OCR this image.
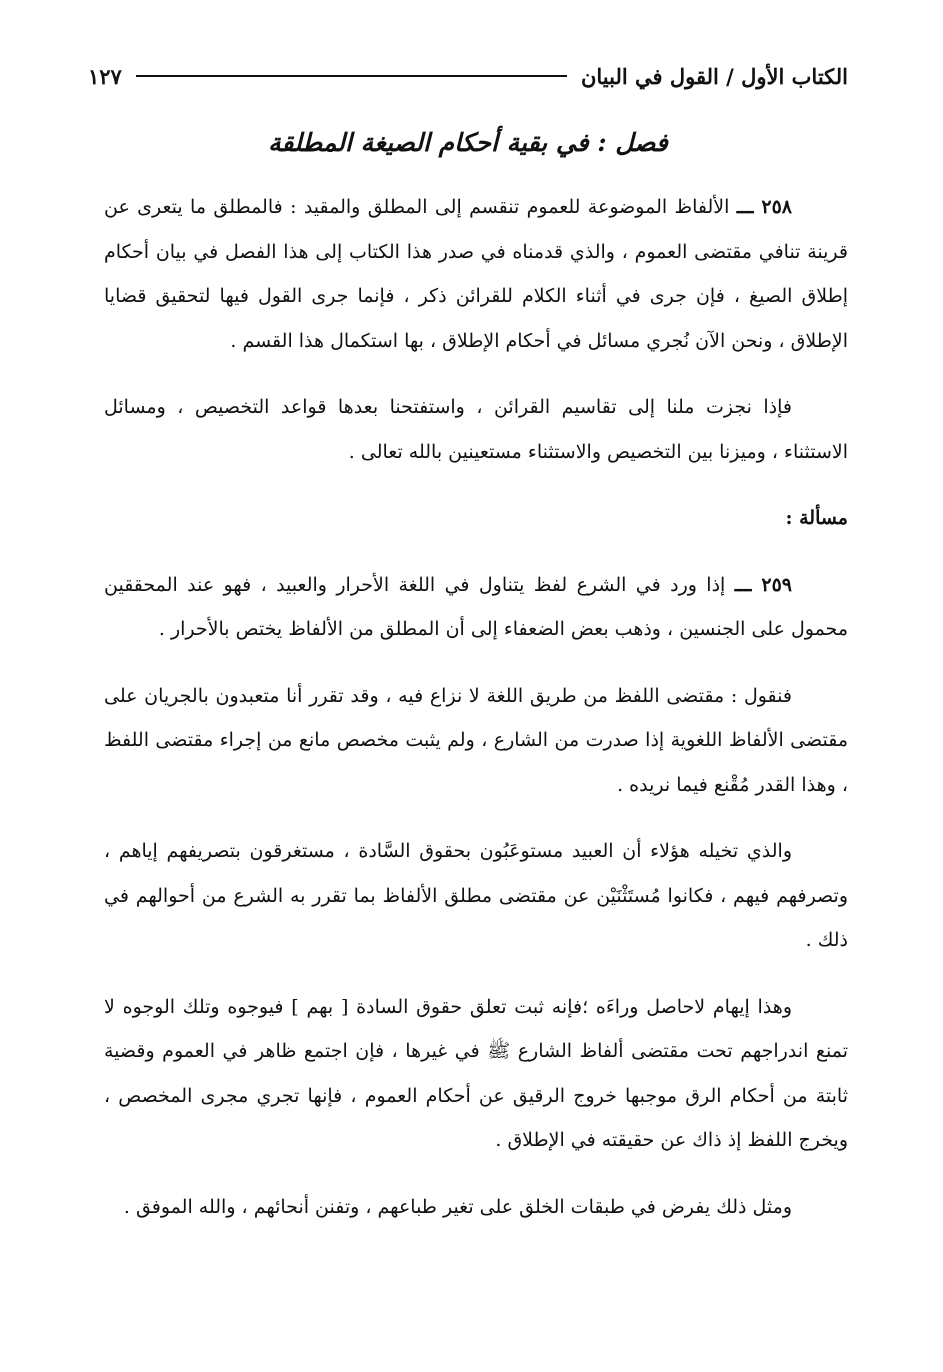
الكتاب الأول / القول في البيان
١٢٧
فصل : في بقية أحكام الصيغة المطلقة

٢٥٨ ـــ الألفاظ الموضوعة للعموم تنقسم إلى المطلق والمقيد : فالمطلق ما يتعرى عن قرينة تنافي مقتضى العموم ، والذي قدمناه في صدر هذا الكتاب إلى هذا الفصل في بيان أحكام إطلاق الصيغ ، فإن جرى في أثناء الكلام للقرائن ذكر ، فإنما جرى القول فيها لتحقيق قضايا الإطلاق ، ونحن الآن نُجري مسائل في أحكام الإطلاق ، بها استكمال هذا القسم .

فإذا نجزت ملنا إلى تقاسيم القرائن ، واستفتحنا بعدها قواعد التخصيص ، ومسائل الاستثناء ، وميزنا بين التخصيص والاستثناء مستعينين بالله تعالى .

مسألة :

٢٥٩ ـــ إذا ورد في الشرع لفظ يتناول في اللغة الأحرار والعبيد ، فهو عند المحققين محمول على الجنسين ، وذهب بعض الضعفاء إلى أن المطلق من الألفاظ يختص بالأحرار .

فنقول : مقتضى اللفظ من طريق اللغة لا نزاع فيه ، وقد تقرر أنا متعبدون بالجريان على مقتضى الألفاظ اللغوية إذا صدرت من الشارع ، ولم يثبت مخصص مانع من إجراء مقتضى اللفظ ، وهذا القدر مُقْنع فيما نريده .

والذي تخيله هؤلاء أن العبيد مستوعَبُون بحقوق السَّادة ، مستغرقون بتصريفهم إياهم ، وتصرفهم فيهم ، فكانوا مُستَثْنَيْن عن مقتضى مطلق الألفاظ بما تقرر به الشرع من أحوالهم في ذلك .

وهذا إيهام لاحاصل وراءَه ؛فإنه ثبت تعلق حقوق السادة [ بهم ] فيوجوه وتلك الوجوه لا تمنع اندراجهم تحت مقتضى ألفاظ الشارع ﷺ في غيرها ، فإن اجتمع ظاهر في العموم وقضية ثابتة من أحكام الرق موجبها خروج الرقيق عن أحكام العموم ، فإنها تجري مجرى المخصص ، ويخرج اللفظ إذ ذاك عن حقيقته في الإطلاق .

ومثل ذلك يفرض في طبقات الخلق على تغير طباعهم ، وتفنن أنحائهم ، والله الموفق .
